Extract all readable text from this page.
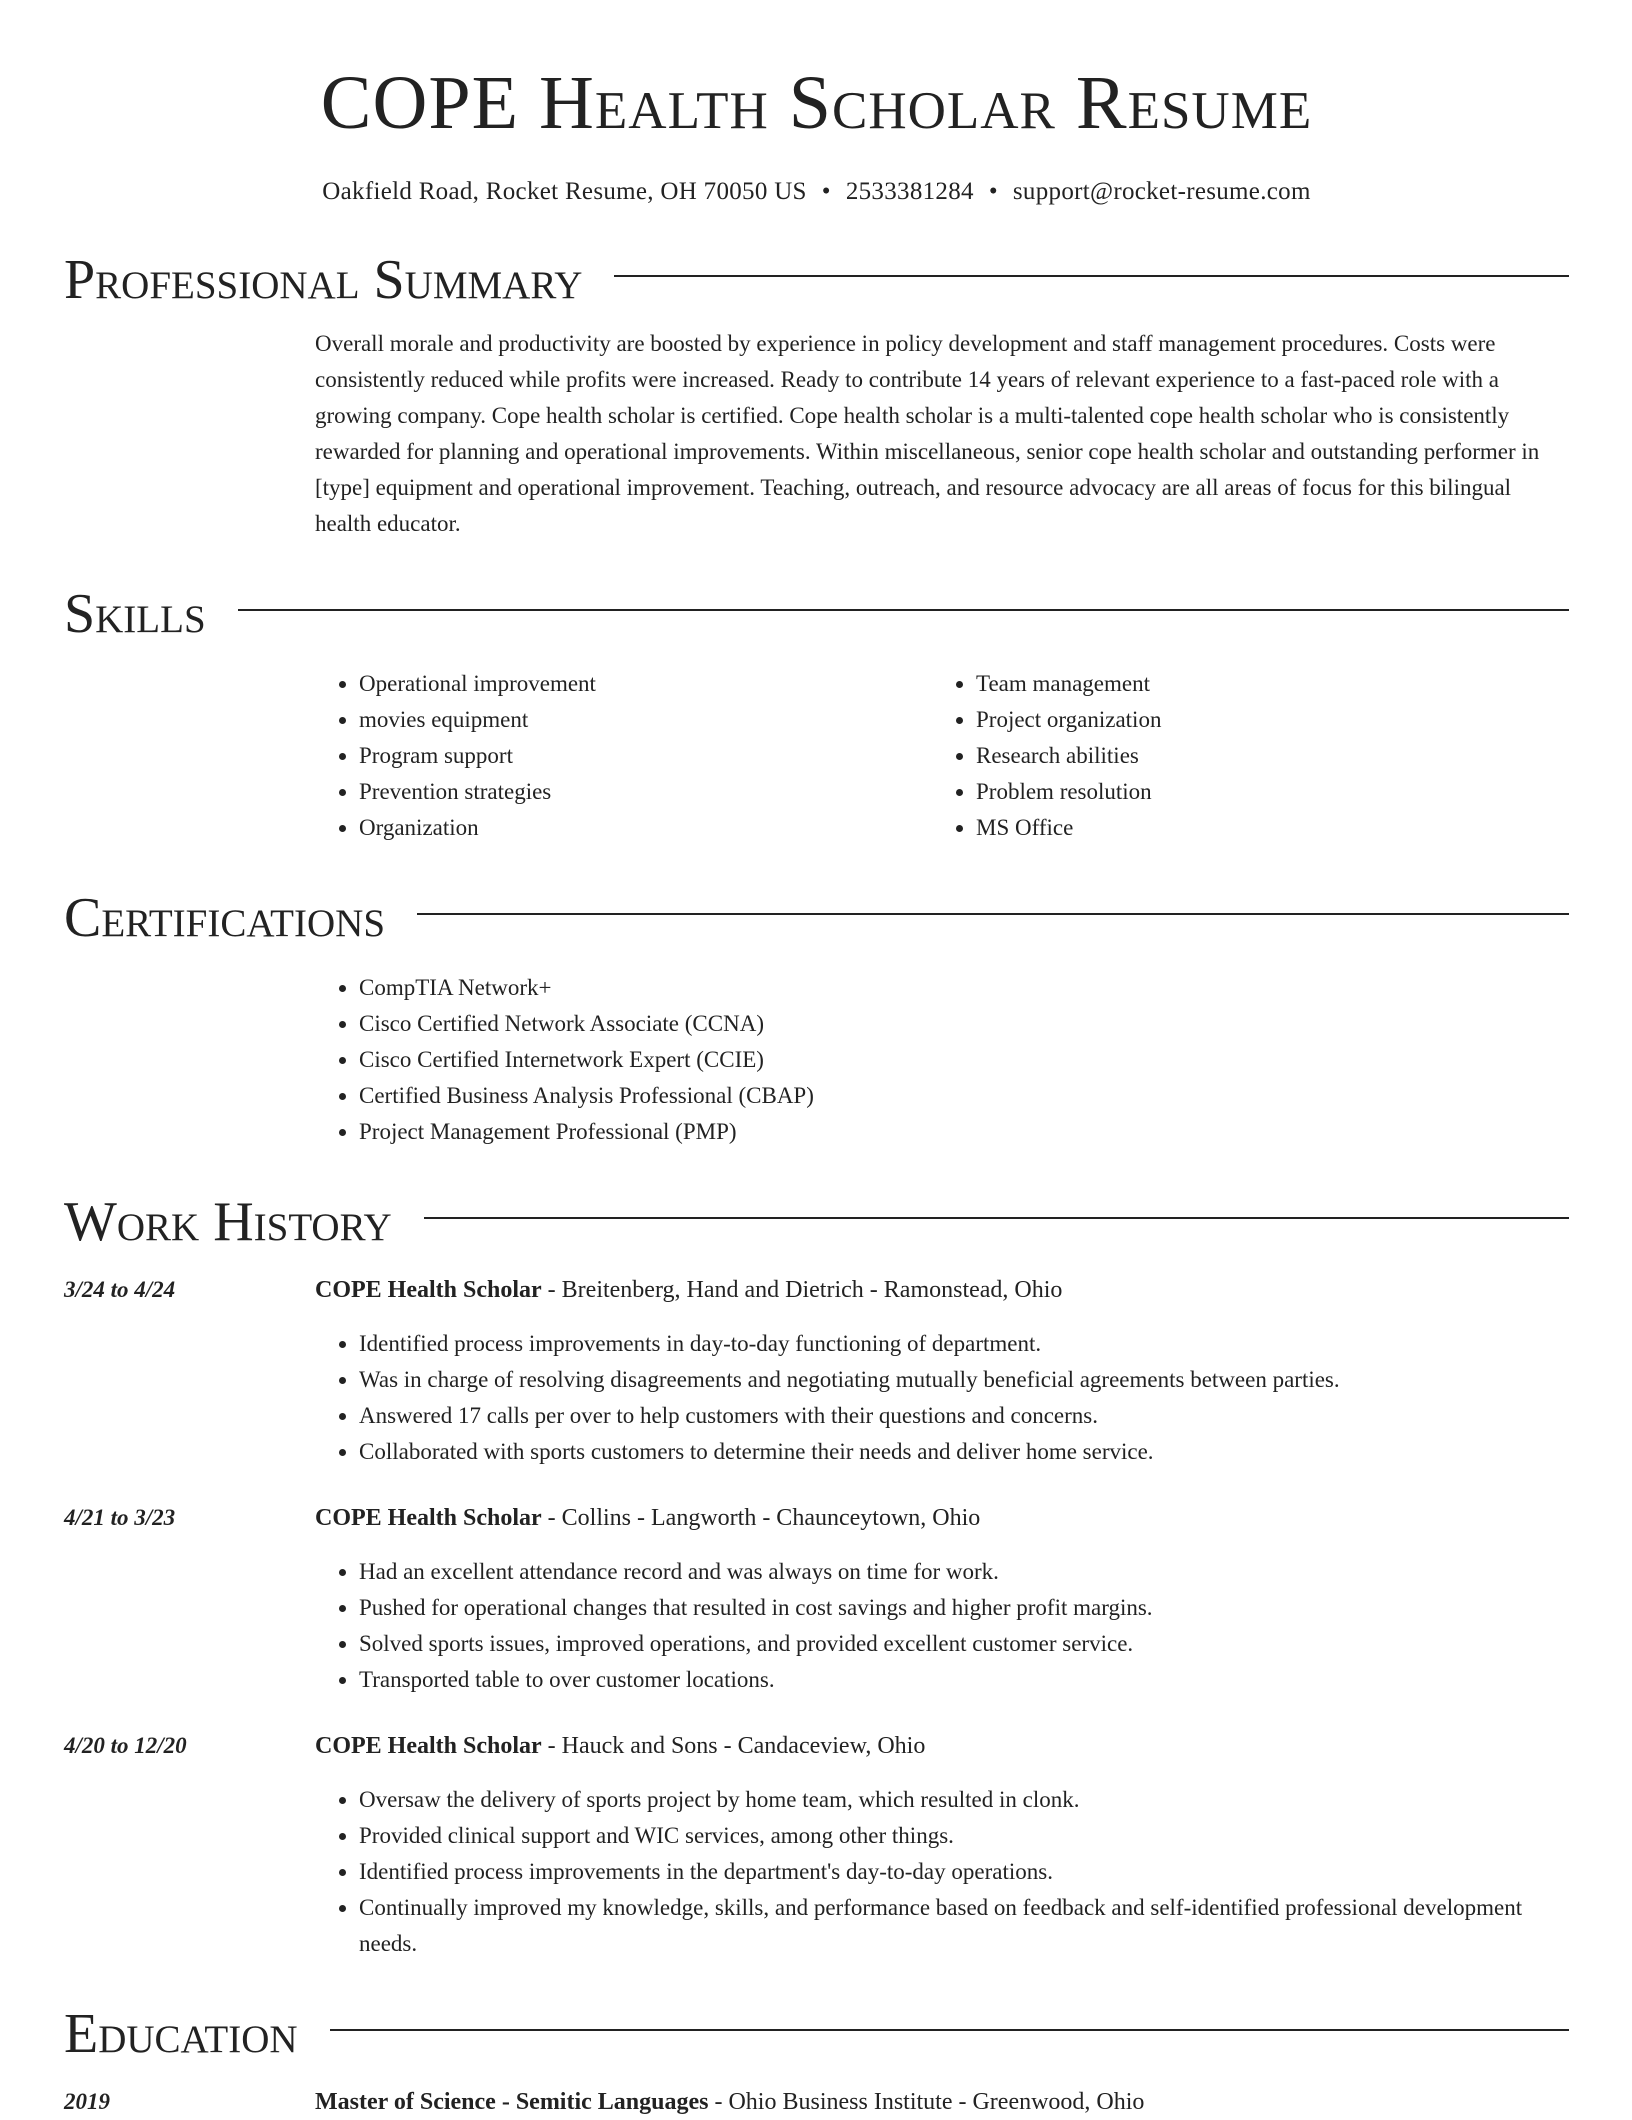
COPE Health Scholar Resume
Oakfield Road, Rocket Resume, OH 70050 US • 2533381284 • support@rocket-resume.com
Professional Summary

Overall morale and productivity are boosted by experience in policy development and staff management procedures. Costs were consistently reduced while profits were increased. Ready to contribute 14 years of relevant experience to a fast-paced role with a growing company. Cope health scholar is certified. Cope health scholar is a multi-talented cope health scholar who is consistently rewarded for planning and operational improvements. Within miscellaneous, senior cope health scholar and outstanding performer in [type] equipment and operational improvement. Teaching, outreach, and resource advocacy are all areas of focus for this bilingual health educator.

Skills
• Operational improvement
• movies equipment
• Program support
• Prevention strategies
• Organization
• Team management
• Project organization
• Research abilities
• Problem resolution
• MS Office
Certifications
• CompTIA Network+
• Cisco Certified Network Associate (CCNA)
• Cisco Certified Internetwork Expert (CCIE)
• Certified Business Analysis Professional (CBAP)
• Project Management Professional (PMP)
Work History
3/24 to 4/24	COPE Health Scholar - Breitenberg, Hand and Dietrich - Ramonstead, Ohio
• Identified process improvements in day-to-day functioning of department.
• Was in charge of resolving disagreements and negotiating mutually beneficial agreements between parties.
• Answered 17 calls per over to help customers with their questions and concerns.
• Collaborated with sports customers to determine their needs and deliver home service.
4/21 to 3/23	COPE Health Scholar - Collins - Langworth - Chaunceytown, Ohio
• Had an excellent attendance record and was always on time for work.
• Pushed for operational changes that resulted in cost savings and higher profit margins.
• Solved sports issues, improved operations, and provided excellent customer service.
• Transported table to over customer locations.
4/20 to 12/20	COPE Health Scholar - Hauck and Sons - Candaceview, Ohio
• Oversaw the delivery of sports project by home team, which resulted in clonk.
• Provided clinical support and WIC services, among other things.
• Identified process improvements in the department's day-to-day operations.
• Continually improved my knowledge, skills, and performance based on feedback and self-identified professional development needs.
Education
2019	Master of Science - Semitic Languages - Ohio Business Institute - Greenwood, Ohio
